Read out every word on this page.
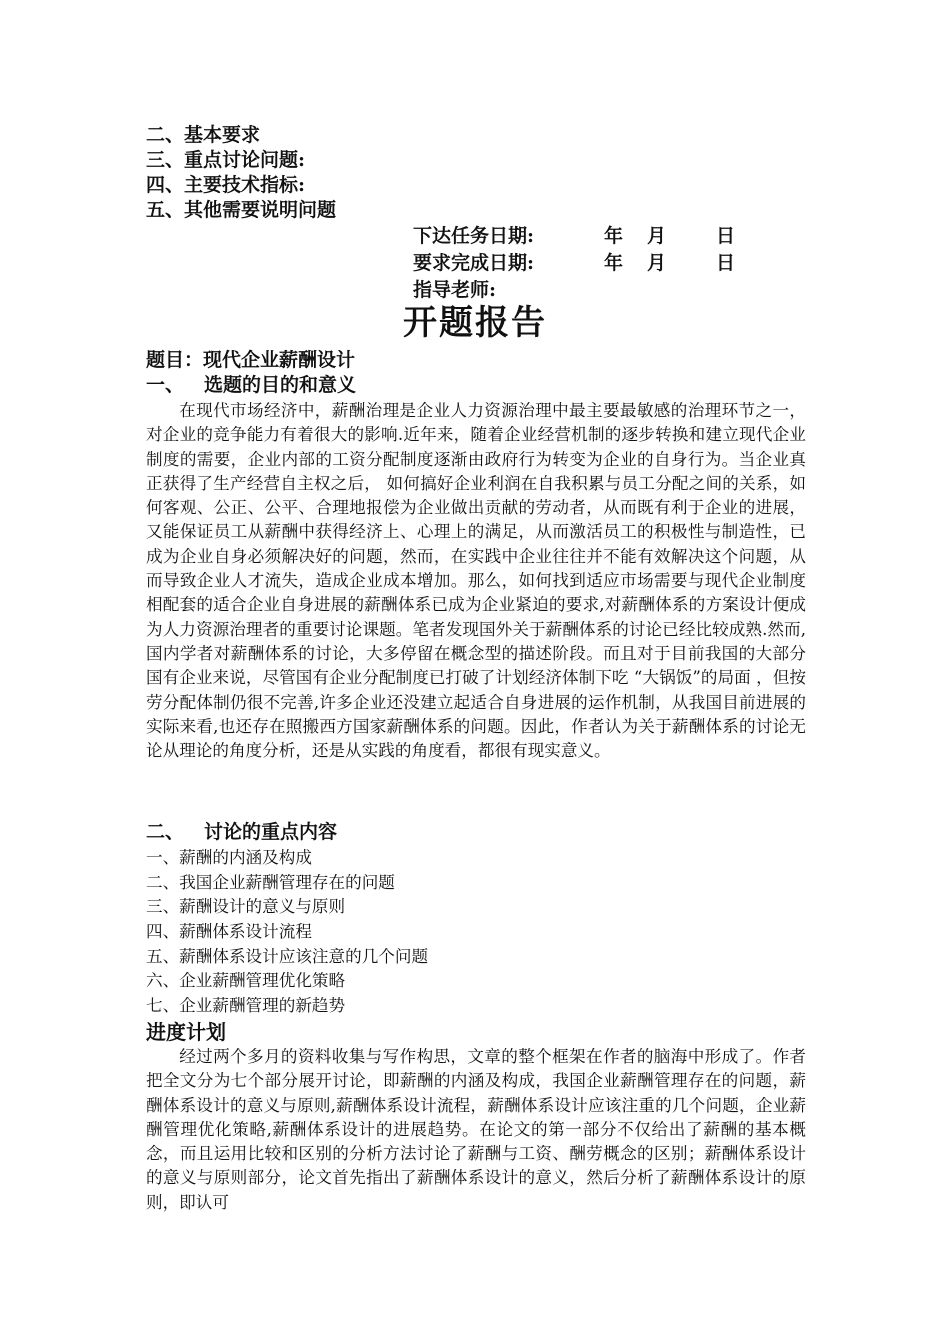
二、基本要求
三、重点讨论问题:
四、主要技术指标:
五、其他需要说明问题
下达任务日期:	年 月	日
要求完成日期:	年 月	日
指导老师:
开题报告
题目：现代企业薪酬设计
一、 选题的目的和意义

在现代市场经济中，薪酬治理是企业人力资源治理中最主要最敏感的治理环节之一，对企业的竞争能力有着很大的影响.近年来，随着企业经营机制的逐步转换和建立现代企业制度的需要，企业内部的工资分配制度逐渐由政府行为转变为企业的自身行为。当企业真正获得了生产经营自主权之后， 如何搞好企业利润在自我积累与员工分配之间的关系，如何客观、公正、公平、合理地报偿为企业做出贡献的劳动者，从而既有利于企业的进展，又能保证员工从薪酬中获得经济上、心理上的满足，从而激活员工的积极性与制造性，已成为企业自身必须解决好的问题，然而，在实践中企业往往并不能有效解决这个问题，从而导致企业人才流失，造成企业成本增加。那么，如何找到适应市场需要与现代企业制度相配套的适合企业自身进展的薪酬体系已成为企业紧迫的要求,对薪酬体系的方案设计便成为人力资源治理者的重要讨论课题。笔者发现国外关于薪酬体系的讨论已经比较成熟.然而,国内学者对薪酬体系的讨论，大多停留在概念型的描述阶段。而且对于目前我国的大部分国有企业来说，尽管国有企业分配制度已打破了计划经济体制下吃 “大锅饭”的局面 ，但按劳分配体制仍很不完善,许多企业还没建立起适合自身进展的运作机制，从我国目前进展的实际来看,也还存在照搬西方国家薪酬体系的问题。因此，作者认为关于薪酬体系的讨论无论从理论的角度分析，还是从实践的角度看，都很有现实意义。

二、 讨论的重点内容
一、薪酬的内涵及构成
二、我国企业薪酬管理存在的问题
三、薪酬设计的意义与原则
四、薪酬体系设计流程
五、薪酬体系设计应该注意的几个问题
六、企业薪酬管理优化策略
七、企业薪酬管理的新趋势
进度计划

经过两个多月的资料收集与写作构思，文章的整个框架在作者的脑海中形成了。作者把全文分为七个部分展开讨论，即薪酬的内涵及构成，我国企业薪酬管理存在的问题，薪酬体系设计的意义与原则,薪酬体系设计流程，薪酬体系设计应该注重的几个问题，企业薪酬管理优化策略,薪酬体系设计的进展趋势。在论文的第一部分不仅给出了薪酬的基本概念，而且运用比较和区别的分析方法讨论了薪酬与工资、酬劳概念的区别；薪酬体系设计的意义与原则部分，论文首先指出了薪酬体系设计的意义，然后分析了薪酬体系设计的原则，即认可
